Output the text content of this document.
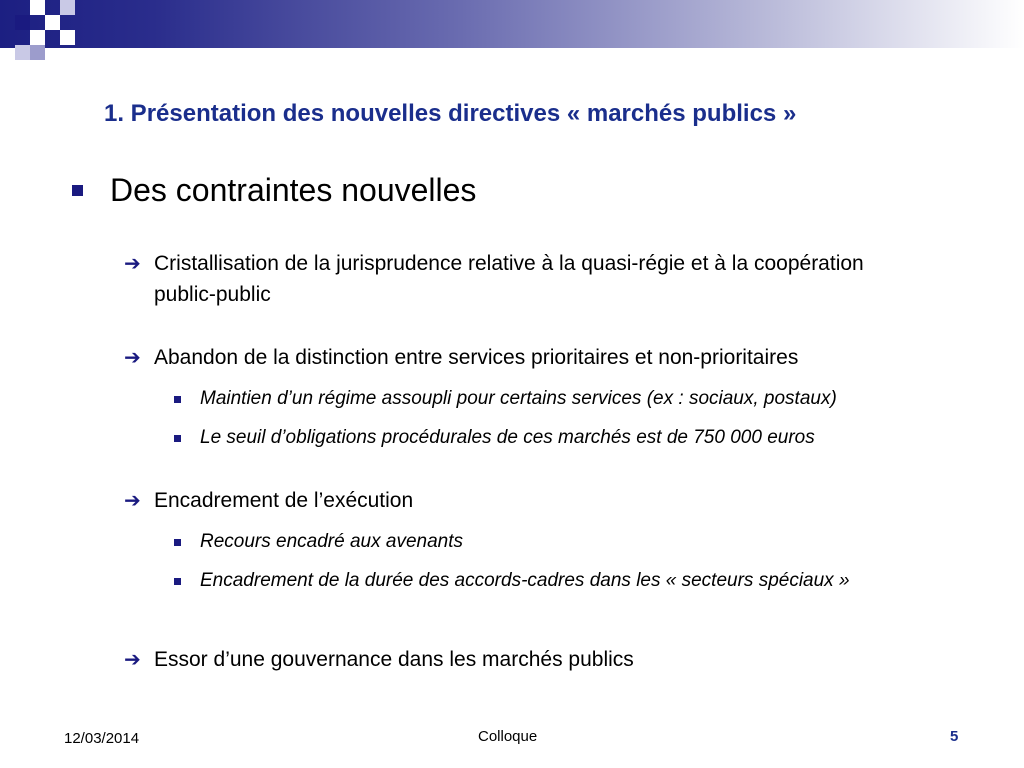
1. Présentation des nouvelles directives « marchés publics »
Des contraintes nouvelles
➔ Cristallisation de la jurisprudence relative à la quasi-régie et à la coopération public-public
➔ Abandon de la distinction entre services prioritaires et non-prioritaires
Maintien d’un régime assoupli pour certains services (ex : sociaux, postaux)
Le seuil d’obligations procédurales de ces marchés est de 750 000 euros
➔ Encadrement de l’exécution
Recours encadré aux avenants
Encadrement de la durée des accords-cadres dans les « secteurs spéciaux »
➔ Essor d’une gouvernance dans les marchés publics
12/03/2014	Colloque	5
